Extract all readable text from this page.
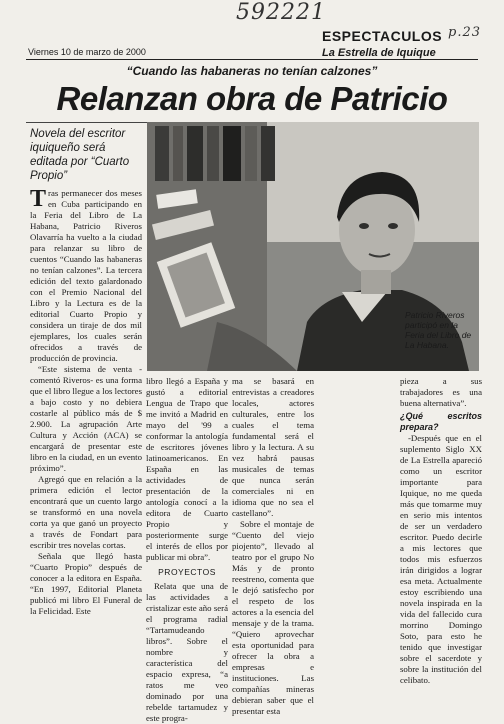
592221
p.23
ESPECTACULOS
La Estrella de Iquique
Viernes 10 de marzo de 2000
“Cuando las habaneras no tenían calzones”
Relanzan obra de Patricio
Novela del escritor iquiqueño será editada por “Cuarto Propio”
Patricio Riveros participó en la Feria del Libro de La Habana.

Tras permanecer dos meses en Cuba participando en la Feria del Libro de La Habana, Patricio Riveros Olavarría ha vuelto a la ciudad para relanzar su libro de cuentos “Cuando las habaneras no tenían calzones”. La tercera edición del texto galardonado con el Premio Nacional del Libro y la Lectura es de la editorial Cuarto Propio y considera un tiraje de dos mil ejemplares, los cuales serán ofrecidos a través de producción de provincia.

“Este sistema de venta -comentó Riveros- es una forma que el libro llegue a los lectores a bajo costo y no debiera costarle al público más de $ 2.900. La agrupación Arte Cultura y Acción (ACA) se encargará de presentar este libro en la ciudad, en un evento próximo”.

Agregó que en relación a la primera edición el lector encontrará que un cuento largo se transformó en una novela corta ya que ganó un proyecto a través de Fondart para escribir tres novelas cortas.

Señala que llegó hasta “Cuarto Propio” después de conocer a la editora en España. “En 1997, Editorial Planeta publicó mi libro El Funeral de la Felicidad. Este

libro llegó a España y gustó a editorial Lengua de Trapo que me invitó a Madrid en mayo del '99 a conformar la antología de escritores jóvenes latinoamericanos. En España en las actividades de presentación de la antología conocí a la editora de Cuarto Propio y posteriormente surge el interés de ellos por publicar mi obra”.

PROYECTOS

Relata que una de las actividades a cristalizar este año será el programa radial “Tartamudeando libros”. Sobre el nombre y característica del espacio expresa, “a ratos me veo dominado por una rebelde tartamudez y este progra-

ma se basará en entrevistas a creadores locales, actores culturales, entre los cuales el tema fundamental será el libro y la lectura. A su vez habrá pausas musicales de temas que nunca serán comerciales ni en idioma que no sea el castellano”.

Sobre el montaje de “Cuento del viejo piojento”, llevado al teatro por el grupo No Más y de pronto reestreno, comenta que le dejó satisfecho por el respeto de los actores a la esencia del mensaje y de la trama. “Quiero aprovechar esta oportunidad para ofrecer la obra a empresas e instituciones. Las compañías mineras debieran saber que el presentar esta

pieza a sus trabajadores es una buena alternativa”.

¿Qué escritos prepara?

-Después que en el suplemento Siglo XX de La Estrella apareció como un escritor importante para Iquique, no me queda más que tomarme muy en serio mis intentos de ser un verdadero escritor. Puedo decirle a mis lectores que todos mis esfuerzos irán dirigidos a lograr esa meta. Actualmente estoy escribiendo una novela inspirada en la vida del fallecido cura morrino Domingo Soto, para esto he tenido que investigar sobre el sacerdote y sobre la institución del celibato.
